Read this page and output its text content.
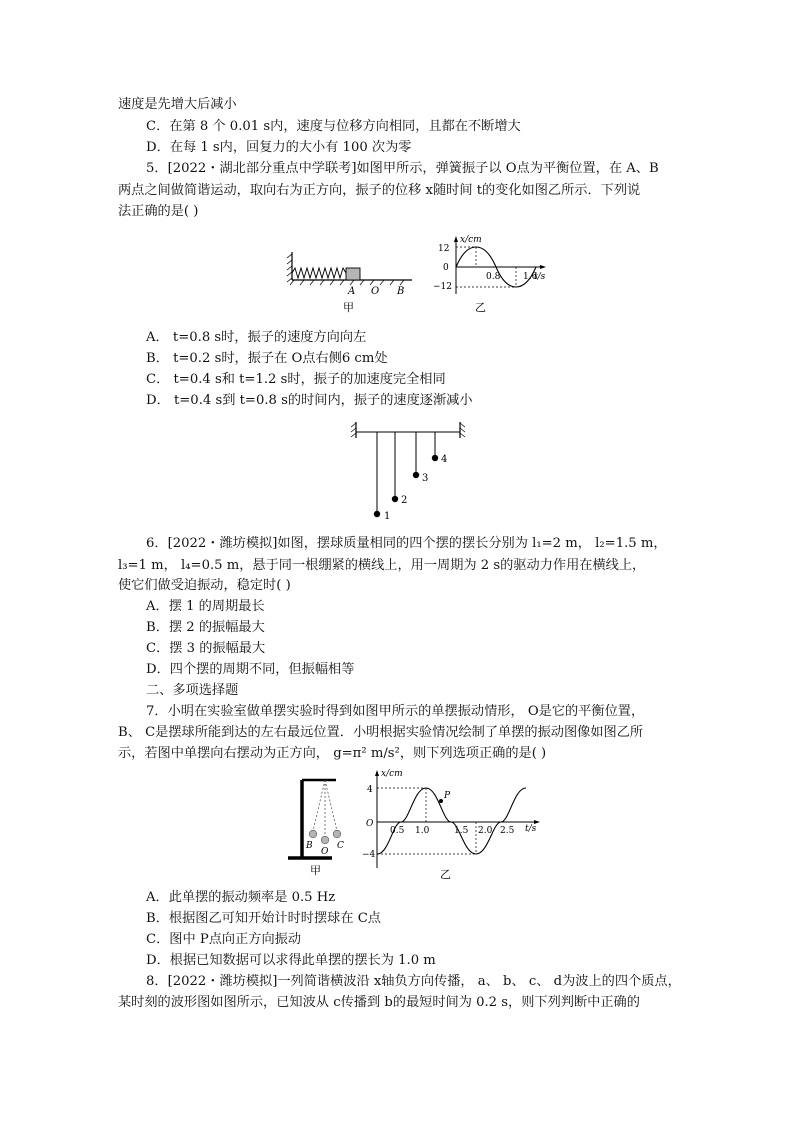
速度是先增大后减小
C．在第 8 个 0.01 s内，速度与位移方向相同，且都在不断增大
D．在每 1 s内，回复力的大小有 100 次为零
5．[2022・湖北部分重点中学联考]如图甲所示，弹簧振子以 O点为平衡位置，在 A、B
两点之间做简谐运动，取向右为正方向，振子的位移 x随时间 t的变化如图乙所示．下列说
法正确的是( )
A O B
甲
x/cm
t/s
12
0
−12
0.8	1.6
乙
A． t=0.8 s时，振子的速度方向向左
B． t=0.2 s时，振子在 O点右侧6 cm处
C． t=0.4 s和 t=1.2 s时，振子的加速度完全相同
D． t=0.4 s到 t=0.8 s的时间内，振子的速度逐渐减小
1
2
3
4
6．[2022・潍坊模拟]如图，摆球质量相同的四个摆的摆长分别为 l₁=2 m， l₂=1.5 m，
l₃=1 m， l₄=0.5 m，悬于同一根绷紧的横线上，用一周期为 2 s的驱动力作用在横线上，
使它们做受迫振动，稳定时( )
A．摆 1 的周期最长
B．摆 2 的振幅最大
C．摆 3 的振幅最大
D．四个摆的周期不同，但振幅相等
二、多项选择题
7．小明在实验室做单摆实验时得到如图甲所示的单摆振动情形， O是它的平衡位置，
B、 C是摆球所能到达的左右最远位置．小明根据实验情况绘制了单摆的振动图像如图乙所
示，若图中单摆向右摆动为正方向， g=π² m/s²，则下列选项正确的是( )
B
O
C
甲
x/cm
t/s
4
O
−4
P
0.5 1.0	1.5 2.0 2.5
乙
A．此单摆的振动频率是 0.5 Hz
B．根据图乙可知开始计时时摆球在 C点
C．图中 P点向正方向振动
D．根据已知数据可以求得此单摆的摆长为 1.0 m
8．[2022・潍坊模拟]一列简谐横波沿 x轴负方向传播， a、 b、 c、 d为波上的四个质点，
某时刻的波形图如图所示，已知波从 c传播到 b的最短时间为 0.2 s，则下列判断中正确的
